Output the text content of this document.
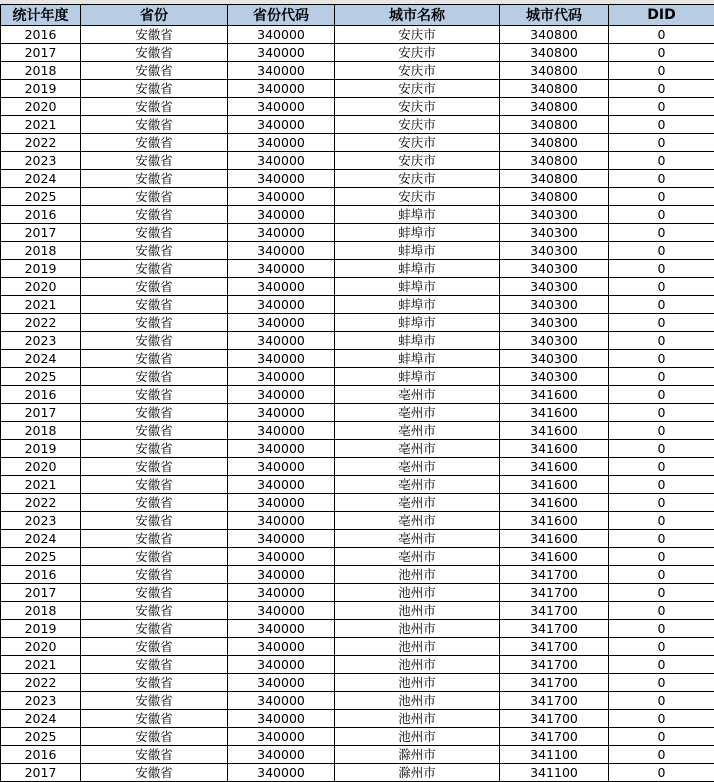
统计年度	省份	省份代码	城市名称	城市代码	DID
2016	安徽省	340000	安庆市	340800	0
2017	安徽省	340000	安庆市	340800	0
2018	安徽省	340000	安庆市	340800	0
2019	安徽省	340000	安庆市	340800	0
2020	安徽省	340000	安庆市	340800	0
2021	安徽省	340000	安庆市	340800	0
2022	安徽省	340000	安庆市	340800	0
2023	安徽省	340000	安庆市	340800	0
2024	安徽省	340000	安庆市	340800	0
2025	安徽省	340000	安庆市	340800	0
2016	安徽省	340000	蚌埠市	340300	0
2017	安徽省	340000	蚌埠市	340300	0
2018	安徽省	340000	蚌埠市	340300	0
2019	安徽省	340000	蚌埠市	340300	0
2020	安徽省	340000	蚌埠市	340300	0
2021	安徽省	340000	蚌埠市	340300	0
2022	安徽省	340000	蚌埠市	340300	0
2023	安徽省	340000	蚌埠市	340300	0
2024	安徽省	340000	蚌埠市	340300	0
2025	安徽省	340000	蚌埠市	340300	0
2016	安徽省	340000	亳州市	341600	0
2017	安徽省	340000	亳州市	341600	0
2018	安徽省	340000	亳州市	341600	0
2019	安徽省	340000	亳州市	341600	0
2020	安徽省	340000	亳州市	341600	0
2021	安徽省	340000	亳州市	341600	0
2022	安徽省	340000	亳州市	341600	0
2023	安徽省	340000	亳州市	341600	0
2024	安徽省	340000	亳州市	341600	0
2025	安徽省	340000	亳州市	341600	0
2016	安徽省	340000	池州市	341700	0
2017	安徽省	340000	池州市	341700	0
2018	安徽省	340000	池州市	341700	0
2019	安徽省	340000	池州市	341700	0
2020	安徽省	340000	池州市	341700	0
2021	安徽省	340000	池州市	341700	0
2022	安徽省	340000	池州市	341700	0
2023	安徽省	340000	池州市	341700	0
2024	安徽省	340000	池州市	341700	0
2025	安徽省	340000	池州市	341700	0
2016	安徽省	340000	滁州市	341100	0
2017	安徽省	340000	滁州市	341100	0
